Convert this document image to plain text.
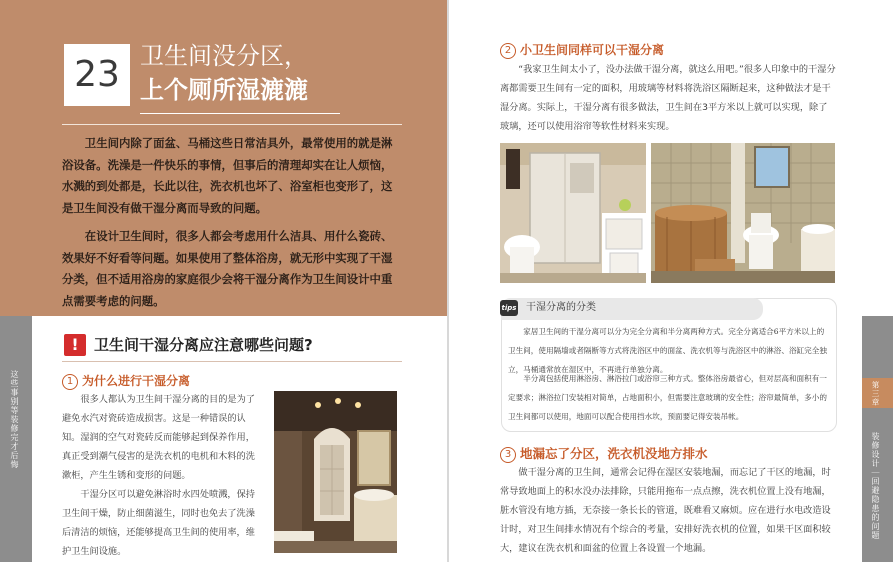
这些事别等装修完才后悔
23 卫生间没分区，
上个厕所湿漉漉
卫生间内除了面盆、马桶这些日常洁具外，最常使用的就是淋浴设备。洗澡是一件快乐的事情，但事后的清理却实在让人烦恼，水溅的到处都是，长此以往，洗衣机也坏了、浴室柜也变形了，这是卫生间没有做干湿分离而导致的问题。
在设计卫生间时，很多人都会考虑用什么洁具、用什么瓷砖、效果好不好看等问题。如果使用了整体浴房，就无形中实现了干湿分类，但不适用浴房的家庭很少会将干湿分离作为卫生间设计中重点需要考虑的问题。
!	卫生间干湿分离应注意哪些问题?
1 为什么进行干湿分离
很多人都认为卫生间干湿分离的目的是为了避免水汽对瓷砖造成损害。这是一种错误的认知。湿润的空气对瓷砖反而能够起到保养作用，真正受到潮气侵害的是洗衣机的电机和木料的洗漱柜，产生生锈和变形的问题。
干湿分区可以避免淋浴时水四处喷溅，保持卫生间干燥，防止细菌滋生，同时也免去了洗澡后清洁的烦恼，还能够提高卫生间的使用率，维护卫生间设施。
2 小卫生间同样可以干湿分离
“我家卫生间太小了，没办法做干湿分离，就这么用吧。”很多人印象中的干湿分离都需要卫生间有一定的面积，用玻璃等材料将洗浴区隔断起来，这种做法才是干湿分离。实际上，干湿分离有很多做法，卫生间在3平方米以上就可以实现，除了玻璃，还可以使用浴帘等软性材料来实现。
tips 干湿分离的分类
家居卫生间的干湿分离可以分为完全分离和半分离两种方式。完全分离适合6平方米以上的卫生间，使用隔墙或者隔断等方式将洗浴区中的面盆、洗衣机等与洗浴区中的淋浴、浴缸完全独立，马桶通常放在湿区中，不再进行单独分离。
半分离包括使用淋浴房、淋浴拉门或浴帘三种方式。整体浴房最省心，但对层高和面积有一定要求；淋浴拉门安装相对简单，占地面积小，但需要注意玻璃的安全性；浴帘最简单，多小的卫生间都可以使用，地面可以配合使用挡水坎，预面要记得安装吊帐。
3 地漏忘了分区，洗衣机没地方排水
做干湿分离的卫生间，通常会记得在湿区安装地漏，而忘记了干区的地漏，时常导致地面上的积水没办法排除，只能用拖布一点点擦，洗衣机位置上没有地漏，脏水管没有地方插，无奈接一条长长的管道，既难看又麻烦。应在进行水电改造设计时，对卫生间排水情况有个综合的考量，安排好洗衣机的位置，如果干区面积较大，建议在洗衣机和面盆的位置上各设置一个地漏。
第三章
装修设计｜回避隐患的问题
